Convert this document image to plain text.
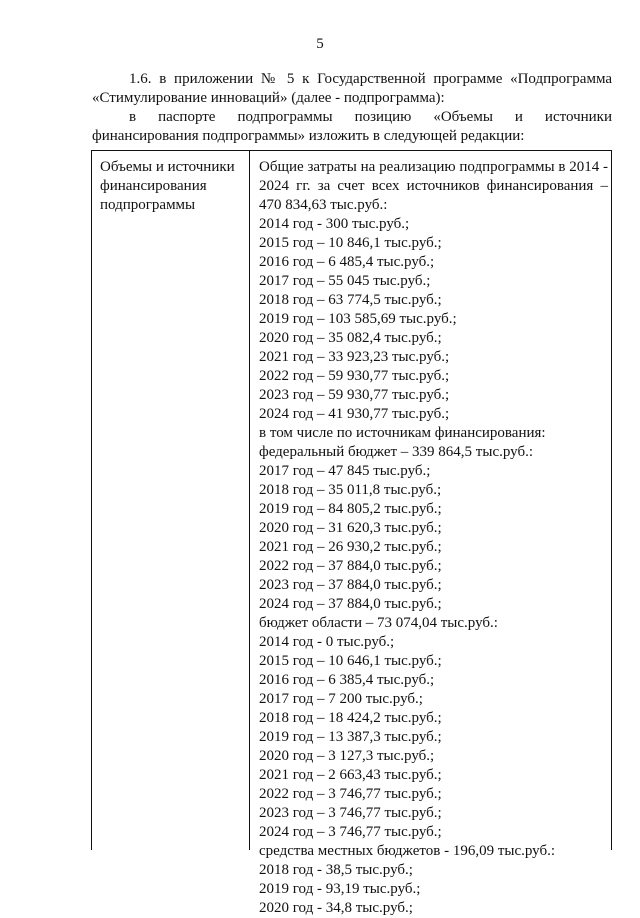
5
1.6. в приложении № 5 к Государственной программе «Подпрограмма
«Стимулирование инноваций» (далее - подпрограмма):
в паспорте подпрограммы позицию «Объемы и источники
финансирования подпрограммы» изложить в следующей редакции:
Объемы и источники финансирования подпрограммы
Общие затраты на реализацию подпрограммы в 2014 - 2024 гг. за счет всех источников финансирования – 470 834,63 тыс.руб.:
2014 год - 300 тыс.руб.;
2015 год – 10 846,1 тыс.руб.;
2016 год – 6 485,4 тыс.руб.;
2017 год – 55 045 тыс.руб.;
2018 год – 63 774,5 тыс.руб.;
2019 год – 103 585,69 тыс.руб.;
2020 год – 35 082,4 тыс.руб.;
2021 год – 33 923,23 тыс.руб.;
2022 год – 59 930,77 тыс.руб.;
2023 год – 59 930,77 тыс.руб.;
2024 год – 41 930,77 тыс.руб.;
в том числе по источникам финансирования:
федеральный бюджет – 339 864,5 тыс.руб.:
2017 год – 47 845 тыс.руб.;
2018 год – 35 011,8 тыс.руб.;
2019 год – 84 805,2 тыс.руб.;
2020 год – 31 620,3 тыс.руб.;
2021 год – 26 930,2 тыс.руб.;
2022 год – 37 884,0 тыс.руб.;
2023 год – 37 884,0 тыс.руб.;
2024 год – 37 884,0 тыс.руб.;
бюджет области – 73 074,04 тыс.руб.:
2014 год - 0 тыс.руб.;
2015 год – 10 646,1 тыс.руб.;
2016 год – 6 385,4 тыс.руб.;
2017 год – 7 200 тыс.руб.;
2018 год – 18 424,2 тыс.руб.;
2019 год – 13 387,3 тыс.руб.;
2020 год – 3 127,3 тыс.руб.;
2021 год – 2 663,43 тыс.руб.;
2022 год – 3 746,77 тыс.руб.;
2023 год – 3 746,77 тыс.руб.;
2024 год – 3 746,77 тыс.руб.;
средства местных бюджетов - 196,09 тыс.руб.:
2018 год - 38,5 тыс.руб.;
2019 год - 93,19 тыс.руб.;
2020 год - 34,8 тыс.руб.;
